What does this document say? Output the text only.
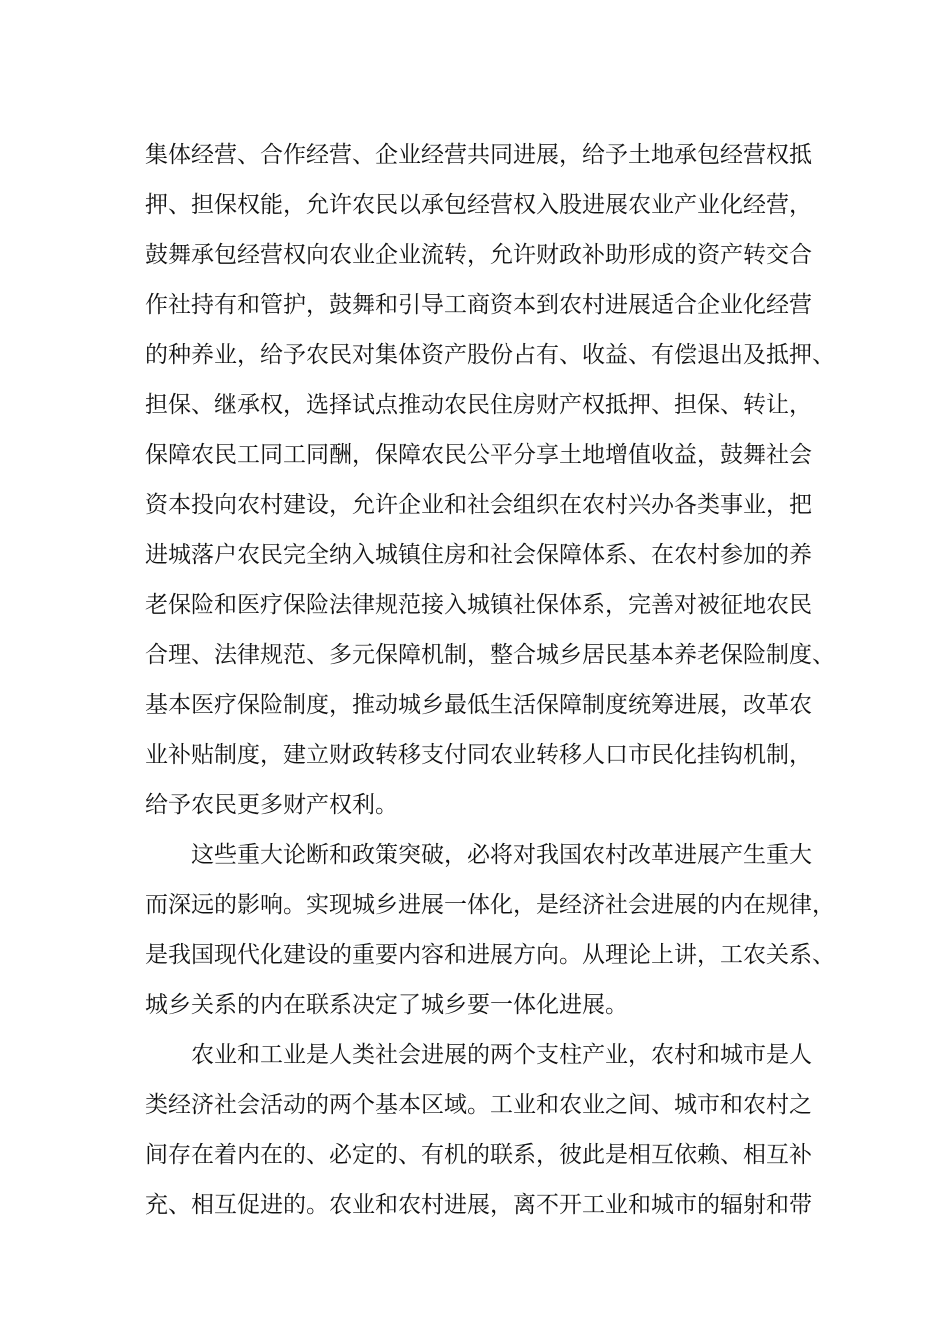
集体经营、合作经营、企业经营共同进展，给予土地承包经营权抵
押、担保权能，允许农民以承包经营权入股进展农业产业化经营，
鼓舞承包经营权向农业企业流转，允许财政补助形成的资产转交合
作社持有和管护，鼓舞和引导工商资本到农村进展适合企业化经营
的种养业，给予农民对集体资产股份占有、收益、有偿退出及抵押、
担保、继承权，选择试点推动农民住房财产权抵押、担保、转让，
保障农民工同工同酬，保障农民公平分享土地增值收益，鼓舞社会
资本投向农村建设，允许企业和社会组织在农村兴办各类事业，把
进城落户农民完全纳入城镇住房和社会保障体系、在农村参加的养
老保险和医疗保险法律规范接入城镇社保体系，完善对被征地农民
合理、法律规范、多元保障机制，整合城乡居民基本养老保险制度、
基本医疗保险制度，推动城乡最低生活保障制度统筹进展，改革农
业补贴制度，建立财政转移支付同农业转移人口市民化挂钩机制，
给予农民更多财产权利。
这些重大论断和政策突破，必将对我国农村改革进展产生重大
而深远的影响。实现城乡进展一体化，是经济社会进展的内在规律，
是我国现代化建设的重要内容和进展方向。从理论上讲，工农关系、
城乡关系的内在联系决定了城乡要一体化进展。
农业和工业是人类社会进展的两个支柱产业，农村和城市是人
类经济社会活动的两个基本区域。工业和农业之间、城市和农村之
间存在着内在的、必定的、有机的联系，彼此是相互依赖、相互补
充、相互促进的。农业和农村进展，离不开工业和城市的辐射和带
